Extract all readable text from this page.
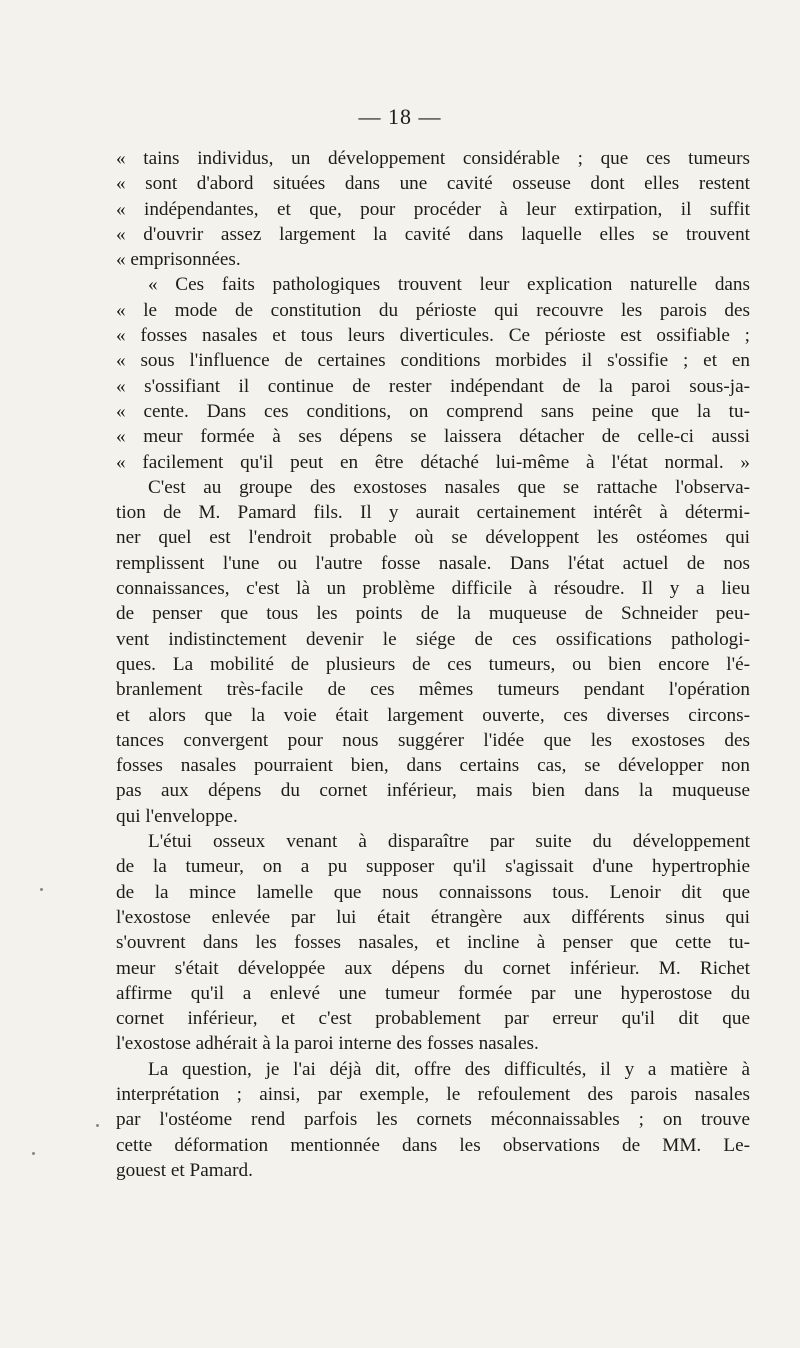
— 18 —
« tains individus, un développement considérable ; que ces tumeurs
« sont d'abord situées dans une cavité osseuse dont elles restent
« indépendantes, et que, pour procéder à leur extirpation, il suffit
« d'ouvrir assez largement la cavité dans laquelle elles se trouvent
« emprisonnées.
« Ces faits pathologiques trouvent leur explication naturelle dans
« le mode de constitution du périoste qui recouvre les parois des
« fosses nasales et tous leurs diverticules. Ce périoste est ossifiable ;
« sous l'influence de certaines conditions morbides il s'ossifie ; et en
« s'ossifiant il continue de rester indépendant de la paroi sous-ja-
« cente. Dans ces conditions, on comprend sans peine que la tu-
« meur formée à ses dépens se laissera détacher de celle-ci aussi
« facilement qu'il peut en être détaché lui-même à l'état normal. »
C'est au groupe des exostoses nasales que se rattache l'observa-
tion de M. Pamard fils. Il y aurait certainement intérêt à détermi-
ner quel est l'endroit probable où se développent les ostéomes qui
remplissent l'une ou l'autre fosse nasale. Dans l'état actuel de nos
connaissances, c'est là un problème difficile à résoudre. Il y a lieu
de penser que tous les points de la muqueuse de Schneider peu-
vent indistinctement devenir le siége de ces ossifications pathologi-
ques. La mobilité de plusieurs de ces tumeurs, ou bien encore l'é-
branlement très-facile de ces mêmes tumeurs pendant l'opération
et alors que la voie était largement ouverte, ces diverses circons-
tances convergent pour nous suggérer l'idée que les exostoses des
fosses nasales pourraient bien, dans certains cas, se développer non
pas aux dépens du cornet inférieur, mais bien dans la muqueuse
qui l'enveloppe.
L'étui osseux venant à disparaître par suite du développement
de la tumeur, on a pu supposer qu'il s'agissait d'une hypertrophie
de la mince lamelle que nous connaissons tous. Lenoir dit que
l'exostose enlevée par lui était étrangère aux différents sinus qui
s'ouvrent dans les fosses nasales, et incline à penser que cette tu-
meur s'était développée aux dépens du cornet inférieur. M. Richet
affirme qu'il a enlevé une tumeur formée par une hyperostose du
cornet inférieur, et c'est probablement par erreur qu'il dit que
l'exostose adhérait à la paroi interne des fosses nasales.
La question, je l'ai déjà dit, offre des difficultés, il y a matière à
interprétation ; ainsi, par exemple, le refoulement des parois nasales
par l'ostéome rend parfois les cornets méconnaissables ; on trouve
cette déformation mentionnée dans les observations de MM. Le-
gouest et Pamard.
